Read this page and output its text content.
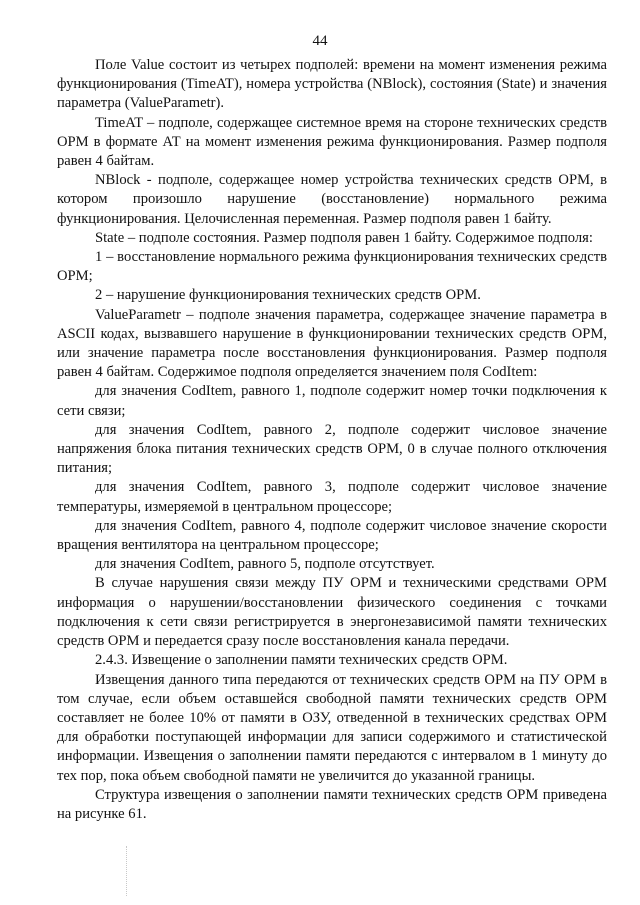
44

Поле Value состоит из четырех подполей: времени на момент изменения режима функционирования (TimeAT), номера устройства (NBlock), состояния (State) и значения параметра (ValueParametr).

TimeAT – подполе, содержащее системное время на стороне технических средств ОРМ в формате АТ на момент изменения режима функционирования. Размер подполя равен 4 байтам.

NBlock - подполе, содержащее номер устройства технических средств ОРМ, в котором произошло нарушение (восстановление) нормального режима функционирования. Целочисленная переменная. Размер подполя равен 1 байту.

State – подполе состояния. Размер подполя равен 1 байту. Содержимое подполя:

1 – восстановление нормального режима функционирования технических средств ОРМ;

2 – нарушение функционирования технических средств ОРМ.

ValueParametr – подполе значения параметра, содержащее значение параметра в ASCII кодах, вызвавшего нарушение в функционировании технических средств ОРМ, или значение параметра после восстановления функционирования. Размер подполя равен 4 байтам. Содержимое подполя определяется значением поля CodItem:

для значения CodItem, равного 1, подполе содержит номер точки подключения к сети связи;

для значения CodItem, равного 2, подполе содержит числовое значение напряжения блока питания технических средств ОРМ, 0 в случае полного отключения питания;

для значения CodItem, равного 3, подполе содержит числовое значение температуры, измеряемой в центральном процессоре;

для значения CodItem, равного 4, подполе содержит числовое значение скорости вращения вентилятора на центральном процессоре;

для значения CodItem, равного 5, подполе отсутствует.

В случае нарушения связи между ПУ ОРМ и техническими средствами ОРМ информация о нарушении/восстановлении физического соединения с точками подключения к сети связи регистрируется в энергонезависимой памяти технических средств ОРМ и передается сразу после восстановления канала передачи.

2.4.3. Извещение о заполнении памяти технических средств ОРМ.

Извещения данного типа передаются от технических средств ОРМ на ПУ ОРМ в том случае, если объем оставшейся свободной памяти технических средств ОРМ составляет не более 10% от памяти в ОЗУ, отведенной в технических средствах ОРМ для обработки поступающей информации для записи содержимого и статистической информации. Извещения о заполнении памяти передаются с интервалом в 1 минуту до тех пор, пока объем свободной памяти не увеличится до указанной границы.

Структура извещения о заполнении памяти технических средств ОРМ приведена на рисунке 61.
